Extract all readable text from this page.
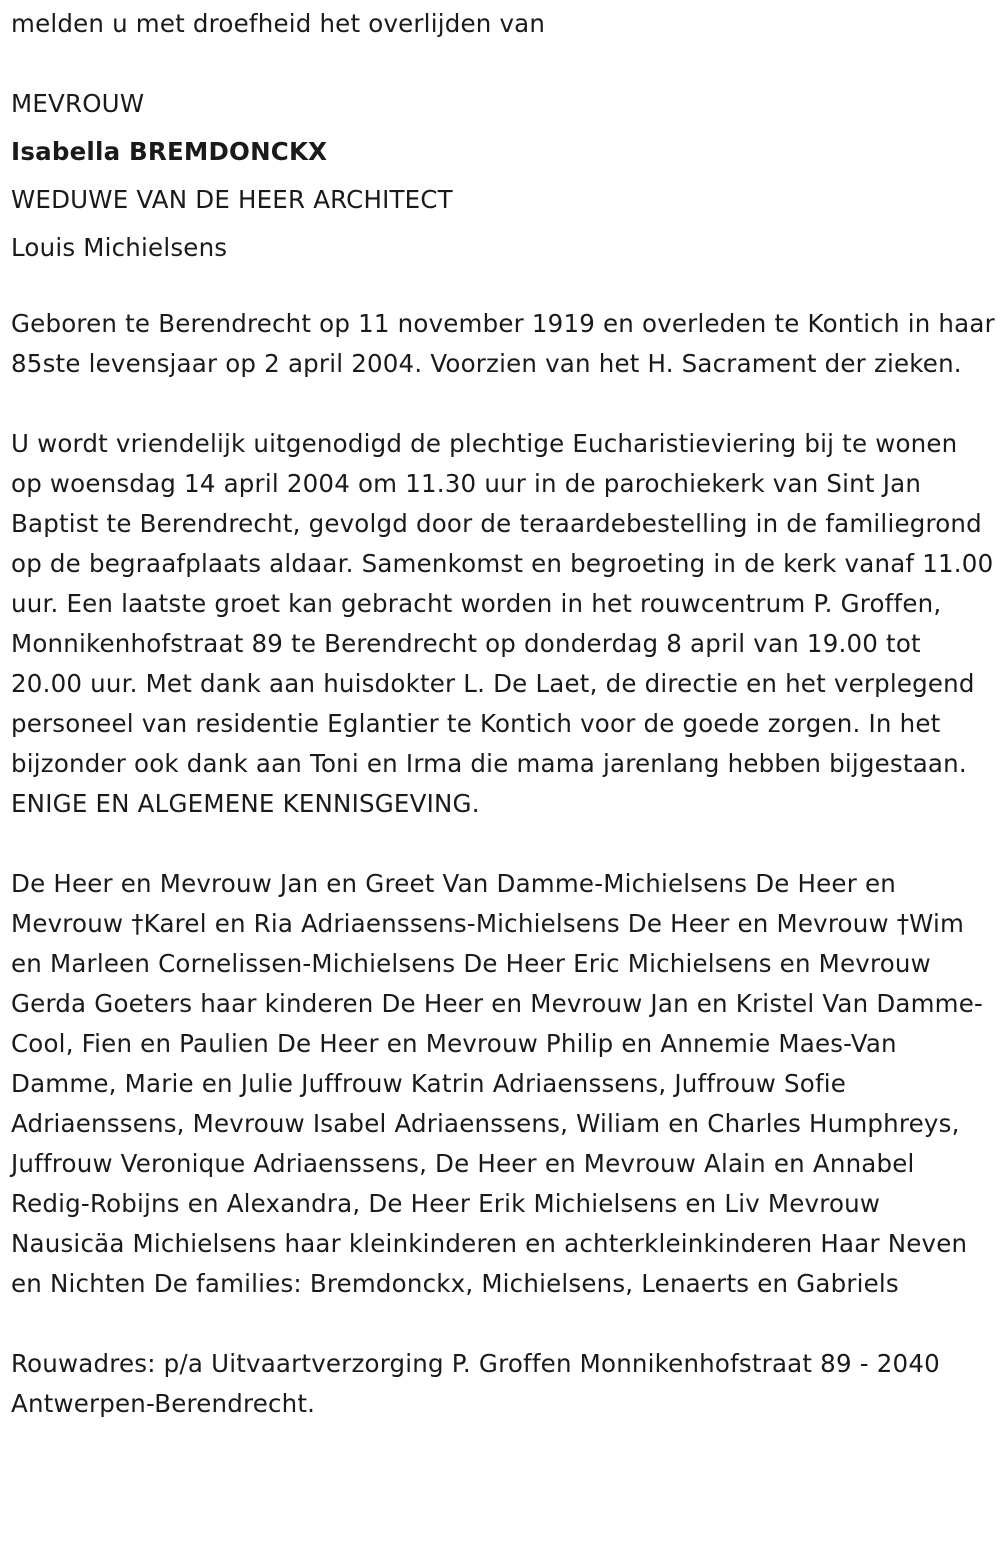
melden u met droefheid het overlijden van

MEVROUW

Isabella BREMDONCKX

WEDUWE VAN DE HEER ARCHITECT

Louis Michielsens

Geboren te Berendrecht op 11 november 1919 en overleden te Kontich in haar 85ste levensjaar op 2 april 2004. Voorzien van het H. Sacrament der zieken.

U wordt vriendelijk uitgenodigd de plechtige Eucharistieviering bij te wonen op woensdag 14 april 2004 om 11.30 uur in de parochiekerk van Sint Jan Baptist te Berendrecht, gevolgd door de teraardebestelling in de familiegrond op de begraafplaats aldaar. Samenkomst en begroeting in de kerk vanaf 11.00 uur. Een laatste groet kan gebracht worden in het rouwcentrum P. Groffen, Monnikenhofstraat 89 te Berendrecht op donderdag 8 april van 19.00 tot 20.00 uur. Met dank aan huisdokter L. De Laet, de directie en het verplegend personeel van residentie Eglantier te Kontich voor de goede zorgen. In het bijzonder ook dank aan Toni en Irma die mama jarenlang hebben bijgestaan. ENIGE EN ALGEMENE KENNISGEVING.

De Heer en Mevrouw Jan en Greet Van Damme-Michielsens De Heer en Mevrouw †Karel en Ria Adriaenssens-Michielsens De Heer en Mevrouw †Wim en Marleen Cornelissen-Michielsens De Heer Eric Michielsens en Mevrouw Gerda Goeters haar kinderen De Heer en Mevrouw Jan en Kristel Van Damme-Cool, Fien en Paulien De Heer en Mevrouw Philip en Annemie Maes-Van Damme, Marie en Julie Juffrouw Katrin Adriaenssens, Juffrouw Sofie Adriaenssens, Mevrouw Isabel Adriaenssens, Wiliam en Charles Humphreys, Juffrouw Veronique Adriaenssens, De Heer en Mevrouw Alain en Annabel Redig-Robijns en Alexandra, De Heer Erik Michielsens en Liv Mevrouw Nausicäa Michielsens haar kleinkinderen en achterkleinkinderen Haar Neven en Nichten De families: Bremdonckx, Michielsens, Lenaerts en Gabriels

Rouwadres: p/a Uitvaartverzorging P. Groffen Monnikenhofstraat 89 - 2040 Antwerpen-Berendrecht.
